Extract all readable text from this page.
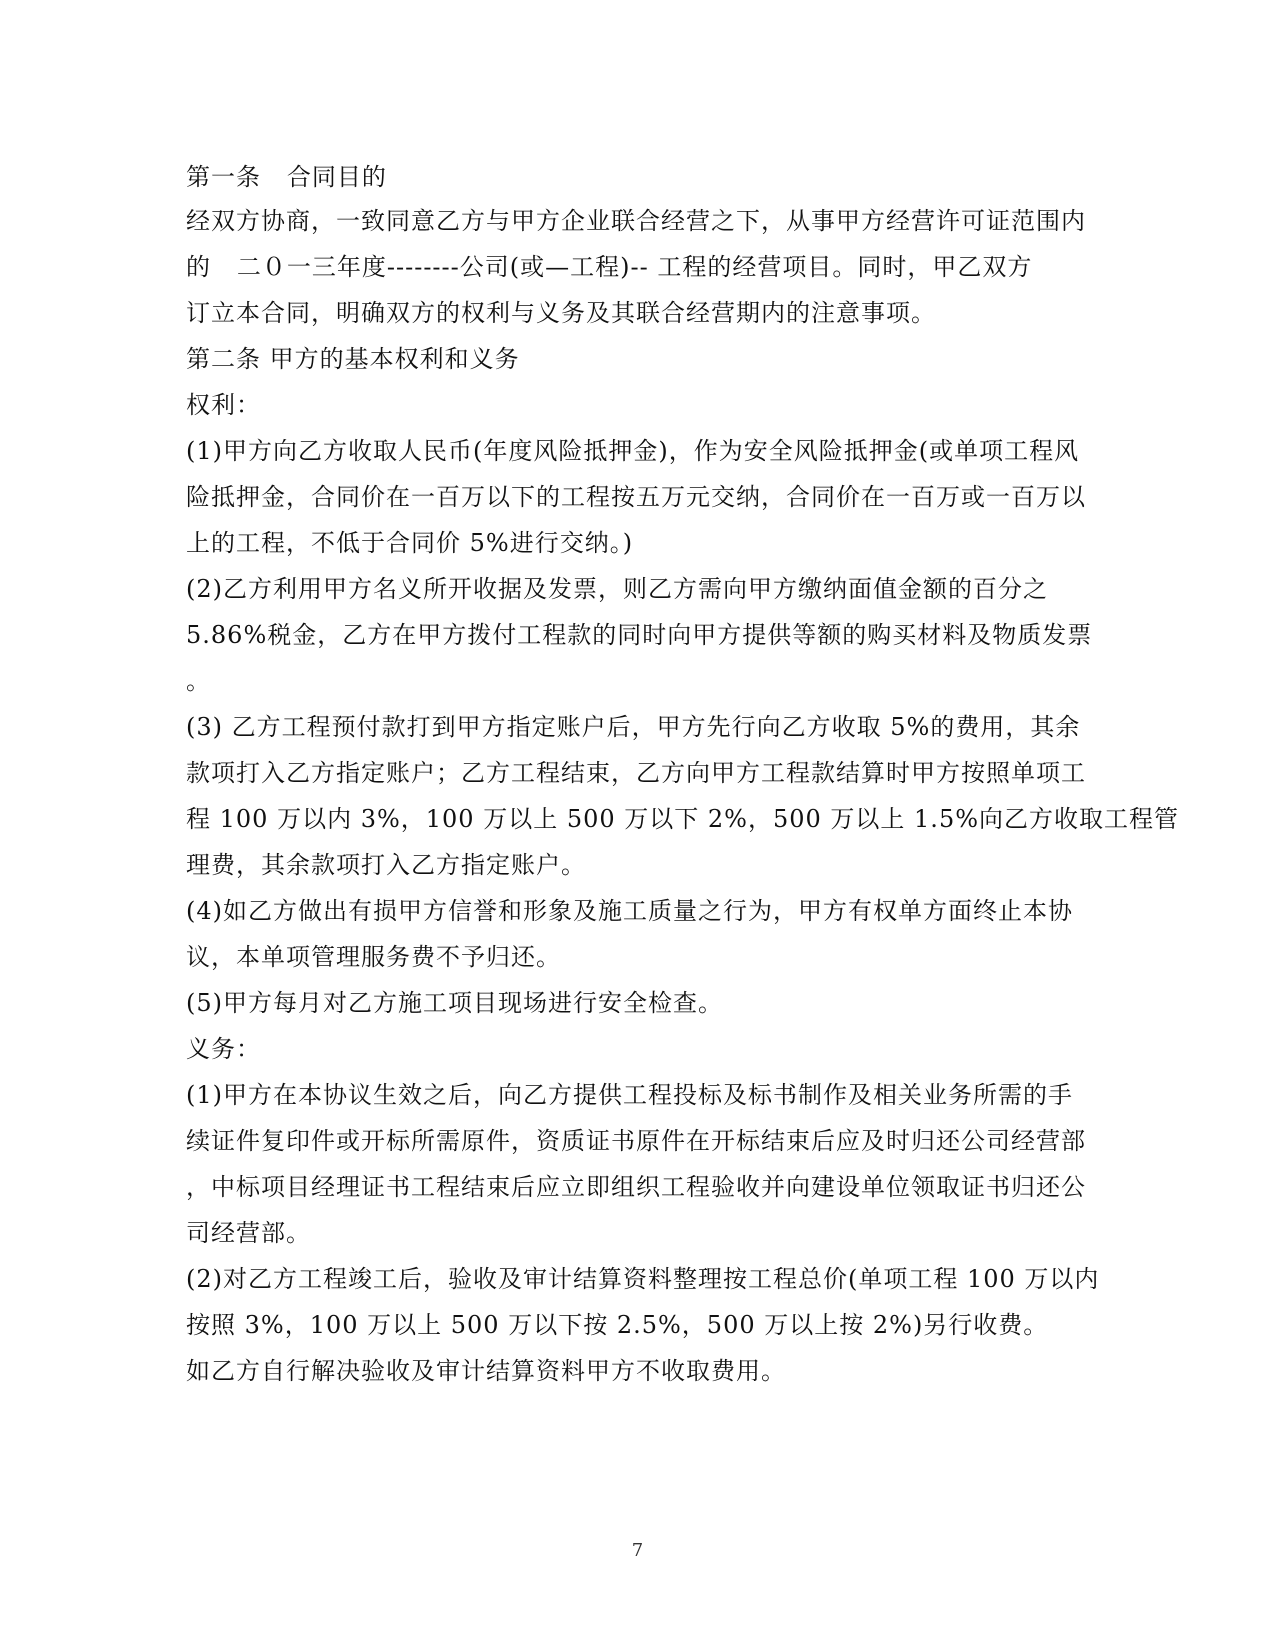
第一条   合同目的
经双方协商，一致同意乙方与甲方企业联合经营之下，从事甲方经营许可证范围内
的   二０一三年度--------公司(或—工程)-- 工程的经营项目。同时，甲乙双方
订立本合同，明确双方的权利与义务及其联合经营期内的注意事项。
第二条 甲方的基本权利和义务
权利：
(1)甲方向乙方收取人民币(年度风险抵押金)，作为安全风险抵押金(或单项工程风
险抵押金，合同价在一百万以下的工程按五万元交纳，合同价在一百万或一百万以
上的工程，不低于合同价 5%进行交纳。)
(2)乙方利用甲方名义所开收据及发票，则乙方需向甲方缴纳面值金额的百分之
5.86%税金，乙方在甲方拨付工程款的同时向甲方提供等额的购买材料及物质发票
。
(3) 乙方工程预付款打到甲方指定账户后，甲方先行向乙方收取 5%的费用，其余
款项打入乙方指定账户；乙方工程结束，乙方向甲方工程款结算时甲方按照单项工
程 100 万以内 3%，100 万以上 500 万以下 2%，500 万以上 1.5%向乙方收取工程管
理费，其余款项打入乙方指定账户。
(4)如乙方做出有损甲方信誉和形象及施工质量之行为，甲方有权单方面终止本协
议，本单项管理服务费不予归还。
(5)甲方每月对乙方施工项目现场进行安全检查。
义务：
(1)甲方在本协议生效之后，向乙方提供工程投标及标书制作及相关业务所需的手
续证件复印件或开标所需原件，资质证书原件在开标结束后应及时归还公司经营部
，中标项目经理证书工程结束后应立即组织工程验收并向建设单位领取证书归还公
司经营部。
(2)对乙方工程竣工后，验收及审计结算资料整理按工程总价(单项工程 100 万以内
按照 3%，100 万以上 500 万以下按 2.5%，500 万以上按 2%)另行收费。
如乙方自行解决验收及审计结算资料甲方不收取费用。
7
